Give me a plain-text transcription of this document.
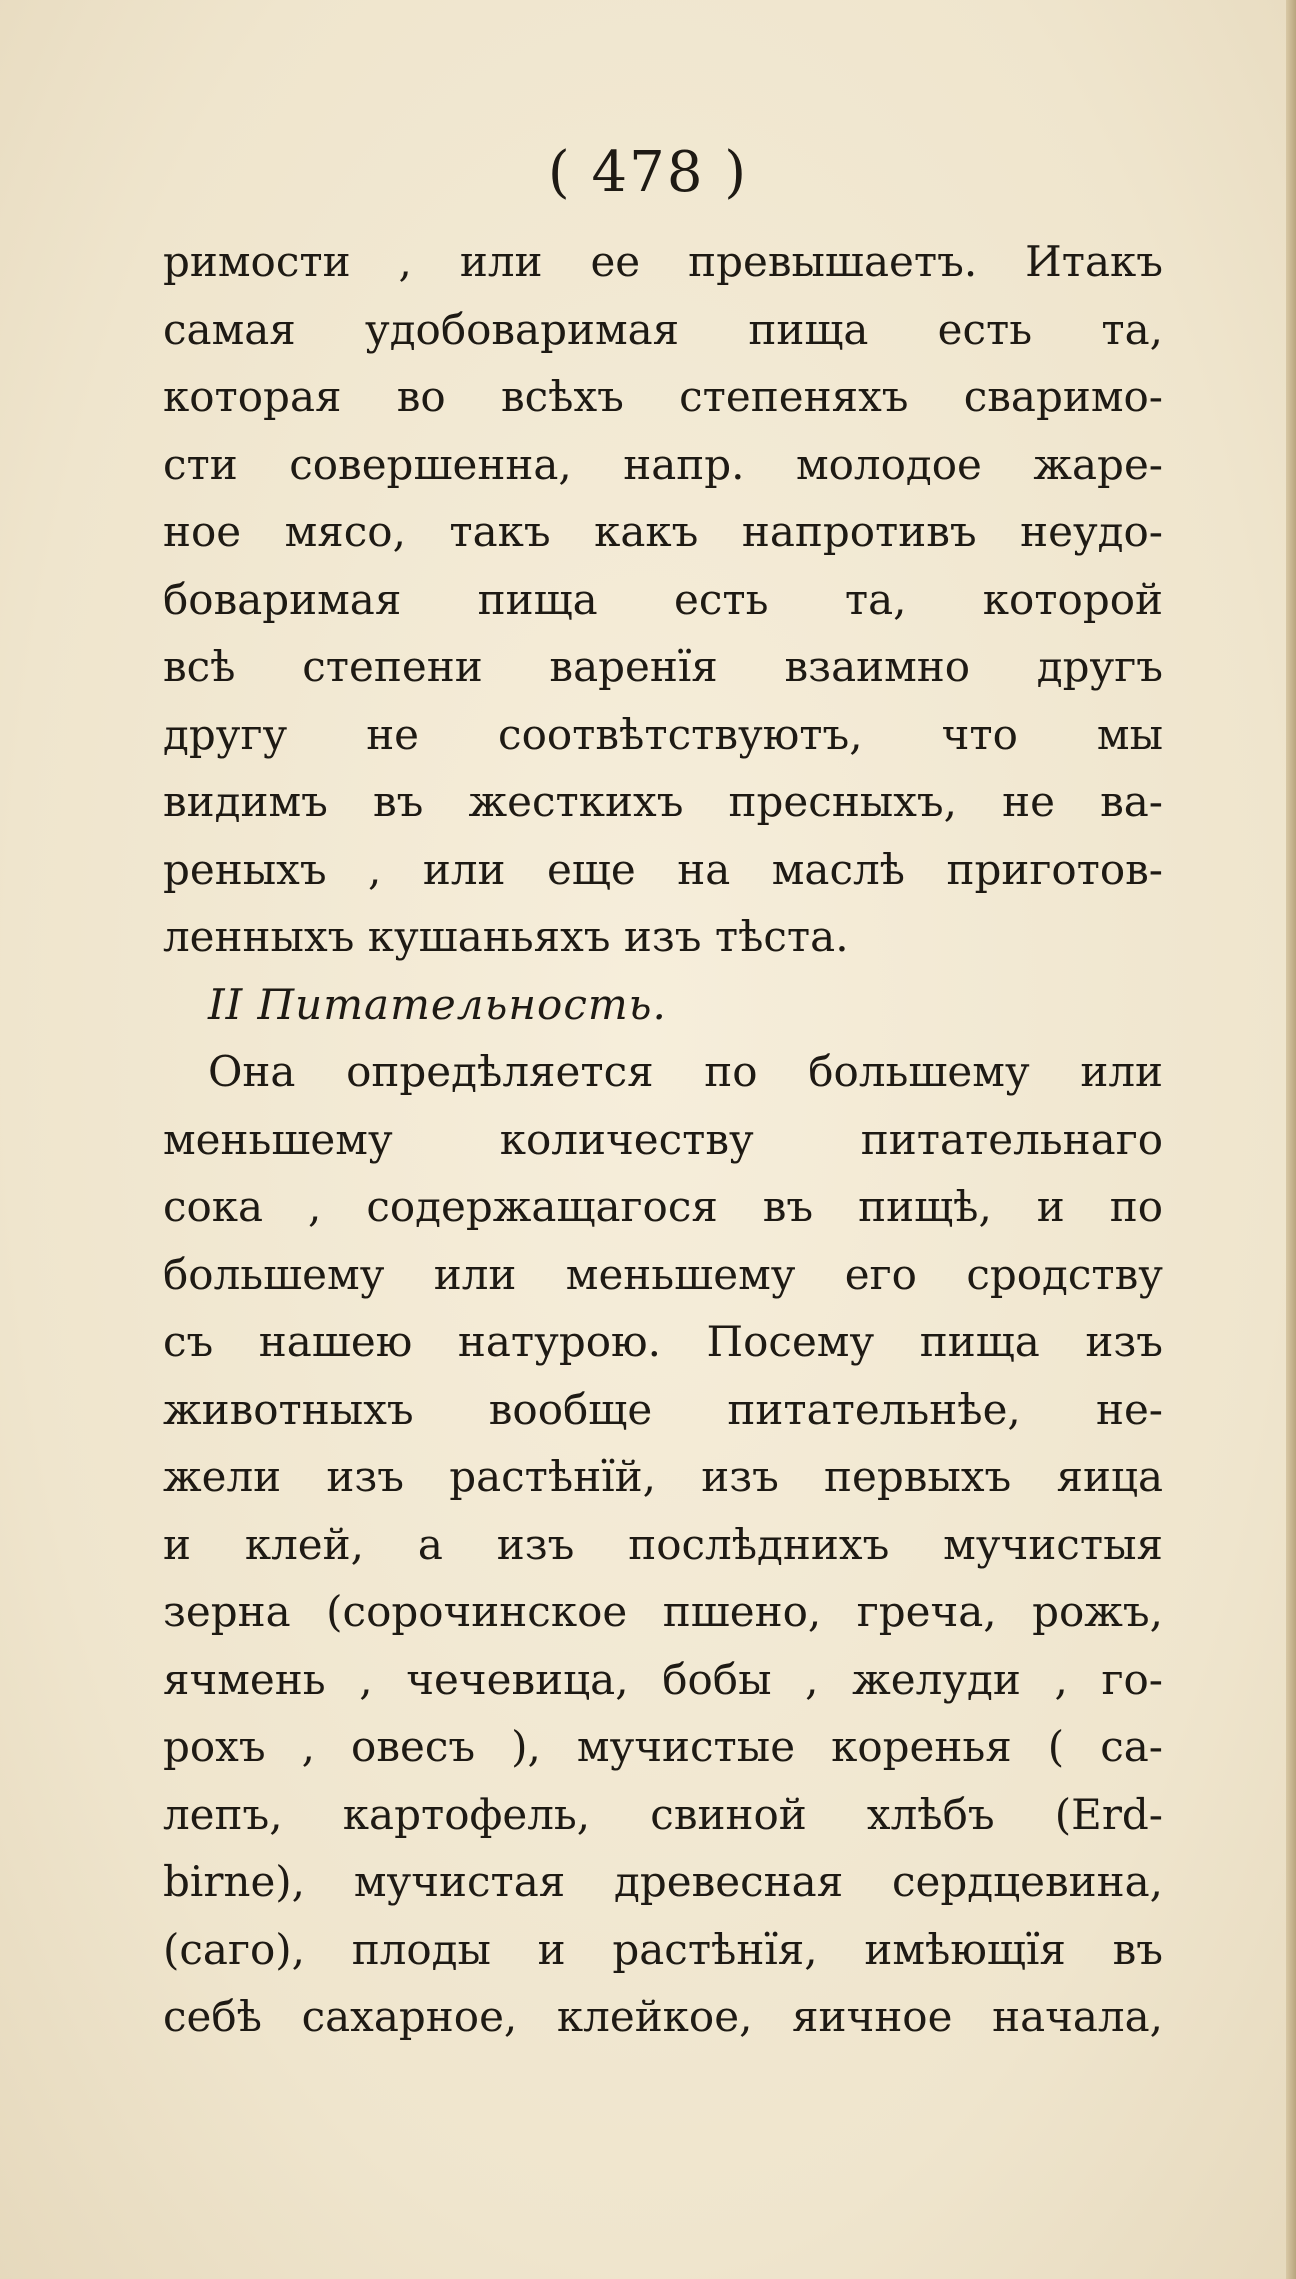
( 478 )
римости , или ее превышаетъ. Итакъ
самая удобоваримая пища есть та,
которая во всѣхъ степеняхъ сваримо-
сти совершенна, напр. молодое жаре-
ное мясо, такъ какъ напротивъ неудо-
боваримая пища есть та, которой
всѣ степени варенїя взаимно другъ
другу не соотвѣтствуютъ, что мы
видимъ въ жесткихъ пресныхъ, не ва-
реныхъ , или еще на маслѣ приготов-
ленныхъ кушаньяхъ изъ тѣста.
II Питательность.
Она опредѣляется по большему или
меньшему количеству питательнаго
сока , содержащагося въ пищѣ, и по
большему или меньшему его сродству
съ нашею натурою. Посему пища изъ
животныхъ вообще питательнѣе, не-
жели изъ растѣнїй, изъ первыхъ яица
и клей, а изъ послѣднихъ мучистыя
зерна (сорочинское пшено, греча, рожъ,
ячмень , чечевица, бобы , желуди , го-
рохъ , овесъ ), мучистые коренья ( са-
лепъ, картофель, свиной хлѣбъ (Erd-
birne), мучистая древесная сердцевина,
(саго), плоды и растѣнїя, имѣющїя въ
себѣ сахарное, клейкое, яичное начала,
